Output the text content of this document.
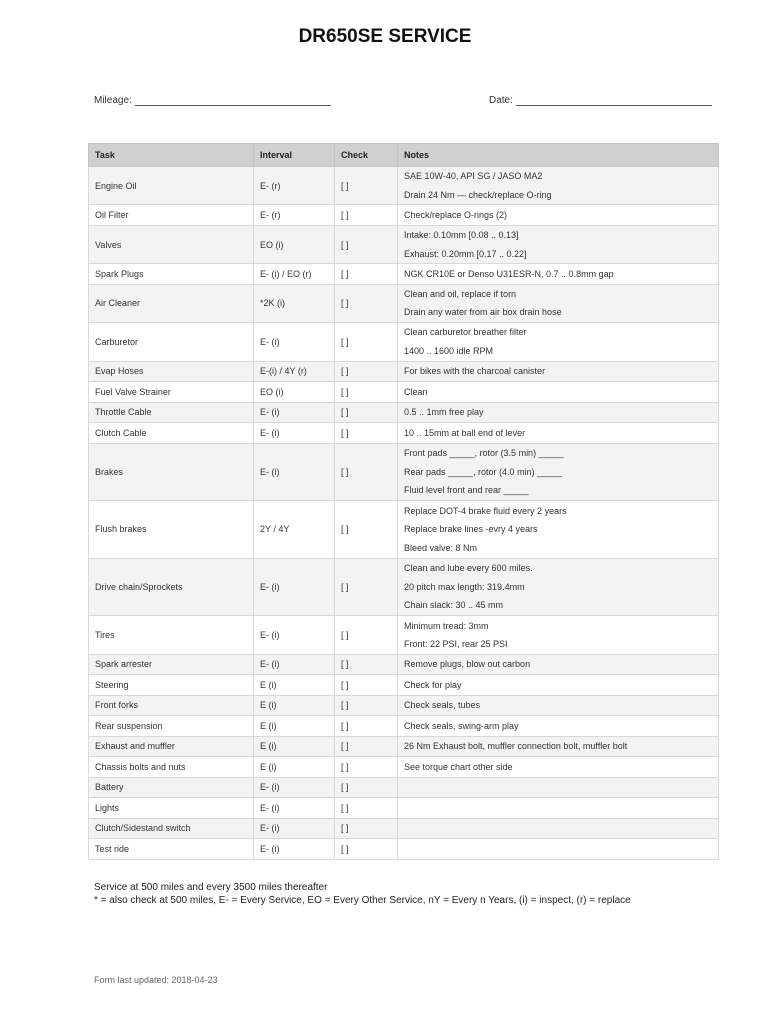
DR650SE SERVICE
Mileage:	Date:
Task	Interval	Check	Notes
Engine Oil	E- (r)	[ ]	SAE 10W-40, API SG / JASO MA2
Drain 24 Nm — check/replace O-ring

Oil Filter	E- (r)	[ ]	Check/replace O-rings (2)

Valves	EO (i)	[ ]	Intake: 0.10mm [0.08 .. 0.13]
Exhaust: 0.20mm [0.17 .. 0.22]

Spark Plugs	E- (i) / EO (r)	[ ]	NGK CR10E or Denso U31ESR-N, 0.7 .. 0.8mm gap

Air Cleaner	*2K (i)	[ ]	Clean and oil, replace if torn
Drain any water from air box drain hose

Carburetor	E- (i)	[ ]	Clean carburetor breather filter
1400 .. 1600 idle RPM

Evap Hoses	E-(i) / 4Y (r)	[ ]	For bikes with the charcoal canister

Fuel Valve Strainer	EO (i)	[ ]	Clean

Throttle Cable	E- (i)	[ ]	0.5 .. 1mm free play

Clutch Cable	E- (i)	[ ]	10 .. 15mm at ball end of lever

Brakes	E- (i)	[ ]	Front pads _____, rotor (3.5 min) _____
Rear pads _____, rotor (4.0 min) _____
Fluid level front and rear _____

Flush brakes	2Y / 4Y	[ ]	Replace DOT-4 brake fluid every 2 years
Replace brake lines -evry 4 years
Bleed valve: 8 Nm

Drive chain/Sprockets	E- (i)	[ ]	Clean and lube every 600 miles.
20 pitch max length: 319.4mm
Chain slack: 30 .. 45 mm

Tires	E- (i)	[ ]	Minimum tread: 3mm
Front: 22 PSI, rear 25 PSI

Spark arrester	E- (i)	[ ]	Remove plugs, blow out carbon

Steering	E (i)	[ ]	Check for play

Front forks	E (i)	[ ]	Check seals, tubes

Rear suspension	E (i)	[ ]	Check seals, swing-arm play

Exhaust and muffler	E (i)	[ ]	26 Nm Exhaust bolt, muffler connection bolt, muffler bolt

Chassis bolts and nuts	E (i)	[ ]	See torque chart other side

Battery	E- (i)	[ ]	
Lights	E- (i)	[ ]	
Clutch/Sidestand switch	E- (i)	[ ]	
Test ride	E- (i)	[ ]	
Service at 500 miles and every 3500 miles thereafter
* = also check at 500 miles, E- = Every Service, EO = Every Other Service, nY = Every n Years, (i) = inspect, (r) = replace
Form last updated: 2018-04-23
